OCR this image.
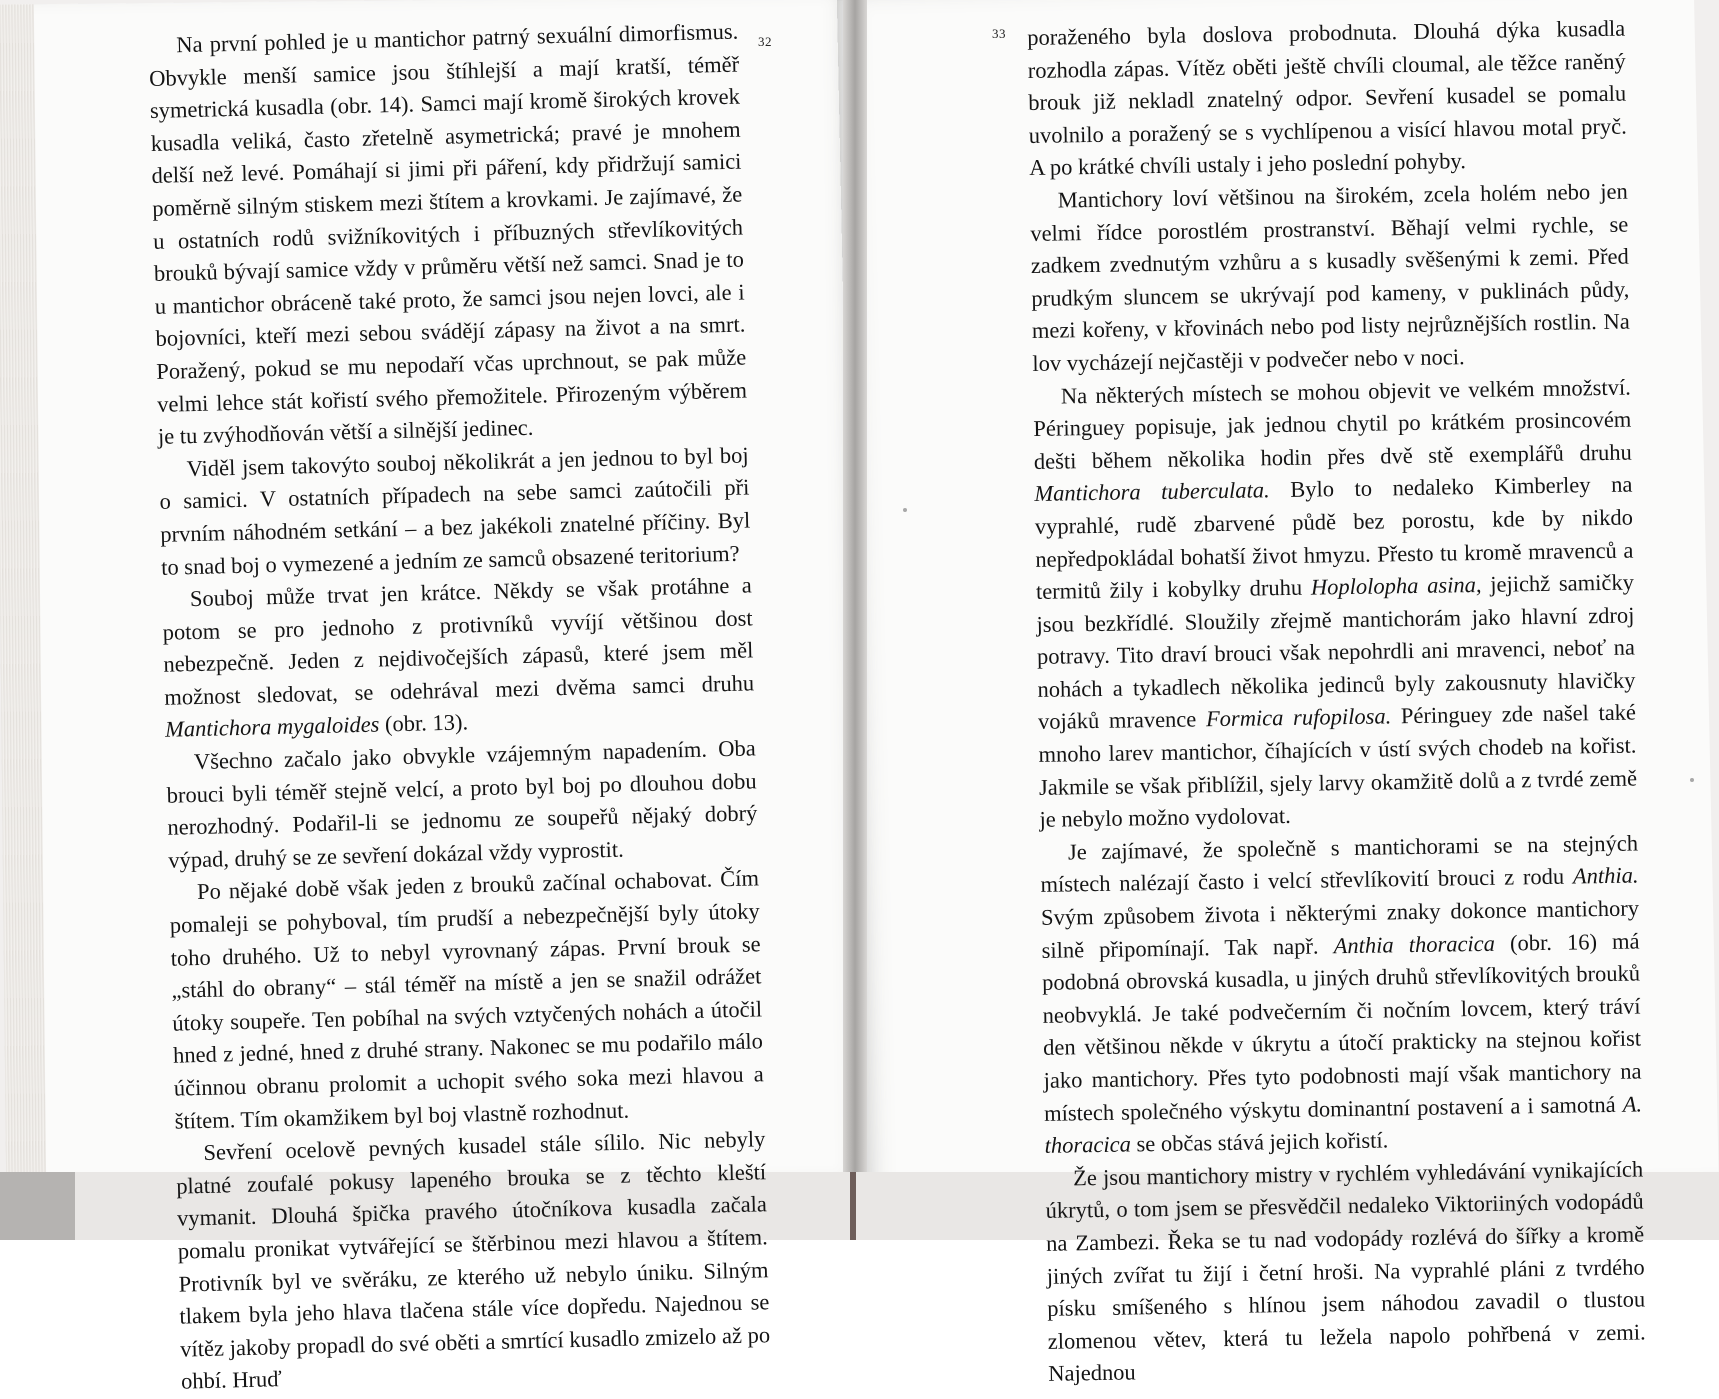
32
33

Na první pohled je u mantichor patrný sexuální dimorfismus. Obvykle menší samice jsou štíhlejší a mají kratší, téměř symetrická kusadla (obr. 14). Samci mají kromě širokých krovek kusadla veliká, často zřetelně asymetrická; pravé je mnohem delší než levé. Pomáhají si jimi při páření, kdy přidržují samici poměrně silným stiskem mezi štítem a krovkami. Je zajímavé, že u ostatních rodů svižníkovitých i příbuzných střevlíkovitých brouků bývají samice vždy v průměru větší než samci. Snad je to u mantichor obráceně také proto, že samci jsou nejen lovci, ale i bojovníci, kteří mezi sebou svádějí zápasy na život a na smrt. Poražený, pokud se mu nepodaří včas uprchnout, se pak může velmi lehce stát kořistí svého přemožitele. Přirozeným výběrem je tu zvýhodňován větší a silnější jedinec.

Viděl jsem takovýto souboj několikrát a jen jednou to byl boj o samici. V ostatních případech na sebe samci zaútočili při prvním náhodném setkání – a bez jakékoli znatelné příčiny. Byl to snad boj o vymezené a jedním ze samců obsazené teritorium?

Souboj může trvat jen krátce. Někdy se však protáhne a potom se pro jednoho z protivníků vyvíjí většinou dost nebezpečně. Jeden z nejdivočejších zápasů, které jsem měl možnost sledovat, se odehrával mezi dvěma samci druhu Mantichora mygaloides (obr. 13).

Všechno začalo jako obvykle vzájemným napadením. Oba brouci byli téměř stejně velcí, a proto byl boj po dlouhou dobu nerozhodný. Podařil-li se jednomu ze soupeřů nějaký dobrý výpad, druhý se ze sevření dokázal vždy vyprostit.

Po nějaké době však jeden z brouků začínal ochabovat. Čím pomaleji se pohyboval, tím prudší a nebezpečnější byly útoky toho druhého. Už to nebyl vyrovnaný zápas. První brouk se „stáhl do obrany“ – stál téměř na místě a jen se snažil odrážet útoky soupeře. Ten pobíhal na svých vztyčených nohách a útočil hned z jedné, hned z druhé strany. Nakonec se mu podařilo málo účinnou obranu prolomit a uchopit svého soka mezi hlavou a štítem. Tím okamžikem byl boj vlastně rozhodnut.

Sevření ocelově pevných kusadel stále sílilo. Nic nebyly platné zoufalé pokusy lapeného brouka se z těchto kleští vymanit. Dlouhá špička pravého útočníkova kusadla začala pomalu pronikat vytvářející se štěrbinou mezi hlavou a štítem. Protivník byl ve svěráku, ze kterého už nebylo úniku. Silným tlakem byla jeho hlava tlačena stále více dopředu. Najednou se vítěz jakoby propadl do své oběti a smrtící kusadlo zmizelo až po ohbí. Hruď

poraženého byla doslova probodnuta. Dlouhá dýka kusadla rozhodla zápas. Vítěz oběti ještě chvíli cloumal, ale těžce raněný brouk již nekladl znatelný odpor. Sevření kusadel se pomalu uvolnilo a poražený se s vychlípenou a visící hlavou motal pryč. A po krátké chvíli ustaly i jeho poslední pohyby.

Mantichory loví většinou na širokém, zcela holém nebo jen velmi řídce porostlém prostranství. Běhají velmi rychle, se zadkem zvednutým vzhůru a s kusadly svěšenými k zemi. Před prudkým sluncem se ukrývají pod kameny, v puklinách půdy, mezi kořeny, v křovinách nebo pod listy nejrůznějších rostlin. Na lov vycházejí nejčastěji v podvečer nebo v noci.

Na některých místech se mohou objevit ve velkém množství. Péringuey popisuje, jak jednou chytil po krátkém prosincovém dešti během několika hodin přes dvě stě exemplářů druhu Mantichora tuberculata. Bylo to nedaleko Kimberley na vyprahlé, rudě zbarvené půdě bez porostu, kde by nikdo nepředpokládal bohatší život hmyzu. Přesto tu kromě mravenců a termitů žily i kobylky druhu Hoplolopha asina, jejichž samičky jsou bezkřídlé. Sloužily zřejmě mantichorám jako hlavní zdroj potravy. Tito draví brouci však nepohrdli ani mravenci, neboť na nohách a tykadlech několika jedinců byly zakousnuty hlavičky vojáků mravence Formica rufopilosa. Péringuey zde našel také mnoho larev mantichor, číhajících v ústí svých chodeb na kořist. Jakmile se však přiblížil, sjely larvy okamžitě dolů a z tvrdé země je nebylo možno vydolovat.

Je zajímavé, že společně s mantichorami se na stejných místech nalézají často i velcí střevlíkovití brouci z rodu Anthia. Svým způsobem života i některými znaky dokonce mantichory silně připomínají. Tak např. Anthia thoracica (obr. 16) má podobná obrovská kusadla, u jiných druhů střevlíkovitých brouků neobvyklá. Je také podvečerním či nočním lovcem, který tráví den většinou někde v úkrytu a útočí prakticky na stejnou kořist jako mantichory. Přes tyto podobnosti mají však mantichory na místech společného výskytu dominantní postavení a i samotná A. thoracica se občas stává jejich kořistí.

Že jsou mantichory mistry v rychlém vyhledávání vynikajících úkrytů, o tom jsem se přesvědčil nedaleko Viktoriiných vodopádů na Zambezi. Řeka se tu nad vodopády rozlévá do šířky a kromě jiných zvířat tu žijí i četní hroši. Na vyprahlé pláni z tvrdého písku smíšeného s hlínou jsem náhodou zavadil o tlustou zlomenou větev, která tu ležela napolo pohřbená v zemi. Najednou
